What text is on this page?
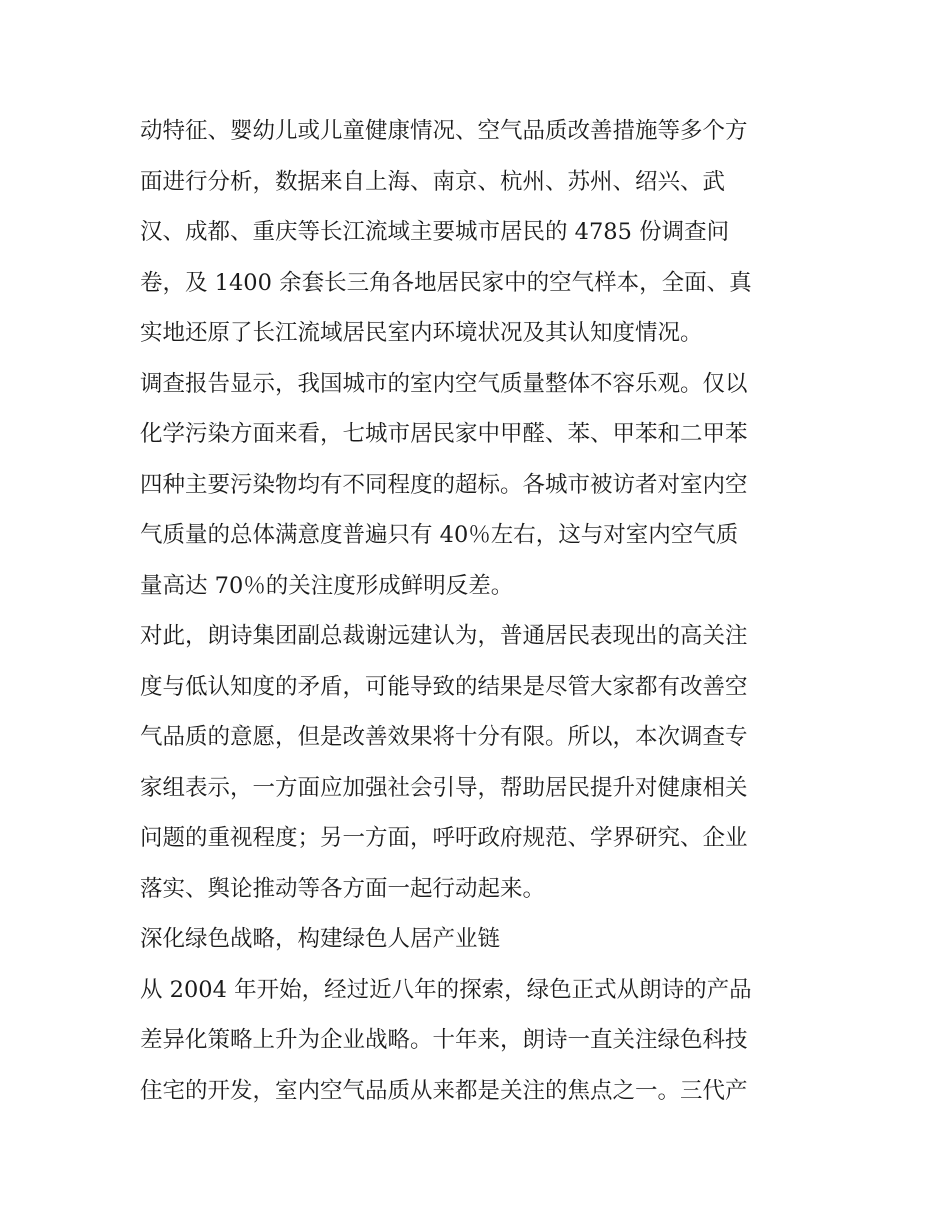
动特征、婴幼儿或儿童健康情况、空气品质改善措施等多个方
面进行分析，数据来自上海、南京、杭州、苏州、绍兴、武
汉、成都、重庆等长江流域主要城市居民的 4785 份调查问
卷，及 1400 余套长三角各地居民家中的空气样本，全面、真
实地还原了长江流域居民室内环境状况及其认知度情况。
调查报告显示，我国城市的室内空气质量整体不容乐观。仅以
化学污染方面来看，七城市居民家中甲醛、苯、甲苯和二甲苯
四种主要污染物均有不同程度的超标。各城市被访者对室内空
气质量的总体满意度普遍只有 40％左右，这与对室内空气质
量高达 70％的关注度形成鲜明反差。
对此，朗诗集团副总裁谢远建认为，普通居民表现出的高关注
度与低认知度的矛盾，可能导致的结果是尽管大家都有改善空
气品质的意愿，但是改善效果将十分有限。所以，本次调查专
家组表示，一方面应加强社会引导，帮助居民提升对健康相关
问题的重视程度；另一方面，呼吁政府规范、学界研究、企业
落实、舆论推动等各方面一起行动起来。
深化绿色战略，构建绿色人居产业链
从 2004 年开始，经过近八年的探索，绿色正式从朗诗的产品
差异化策略上升为企业战略。十年来，朗诗一直关注绿色科技
住宅的开发，室内空气品质从来都是关注的焦点之一。三代产
